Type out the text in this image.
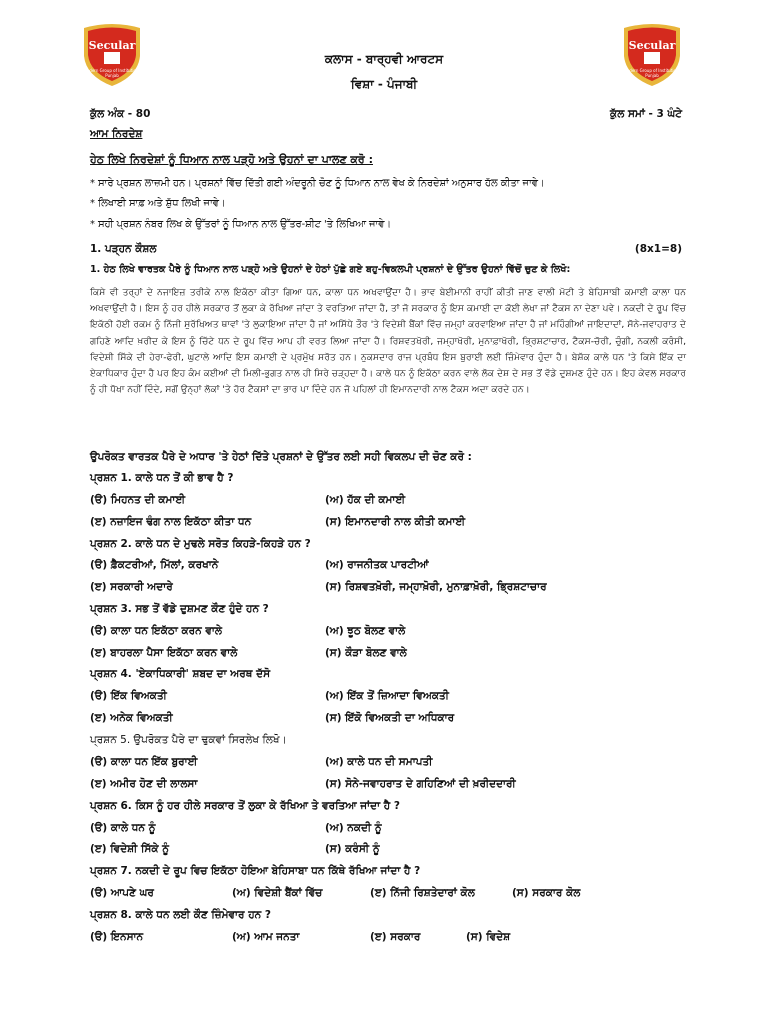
Secular
Modern Group of Institutions Punjab
Secular
Modern Group of Institutions Punjab
ਕਲਾਸ - ਬਾਰ੍ਹਵੀ ਆਰਟਸ
ਵਿਸ਼ਾ - ਪੰਜਾਬੀ
ਕੁੱਲ ਅੰਕ - 80	ਕੁੱਲ ਸਮਾਂ - 3 ਘੰਟੇ
ਆਮ ਨਿਰਦੇਸ਼
ਹੇਠ ਲਿਖੇ ਨਿਰਦੇਸ਼ਾਂ ਨੂੰ ਧਿਆਨ ਨਾਲ ਪੜ੍ਹੋ ਅਤੇ ਉਹਨਾਂ ਦਾ ਪਾਲਣ ਕਰੋ :
* ਸਾਰੇ ਪ੍ਰਸ਼ਨ ਲਾਜ਼ਮੀ ਹਨ। ਪ੍ਰਸ਼ਨਾਂ ਵਿੱਚ ਦਿੱਤੀ ਗਈ ਅੰਦਰੂਨੀ ਚੋਣ ਨੂੰ ਧਿਆਨ ਨਾਲ ਵੇਖ ਕੇ ਨਿਰਦੇਸ਼ਾਂ ਅਨੁਸਾਰ ਹੱਲ ਕੀਤਾ ਜਾਵੇ।
* ਲਿਖਾਈ ਸਾਫ਼ ਅਤੇ ਸ਼ੁੱਧ ਲਿਖੀ ਜਾਵੇ।
* ਸਹੀ ਪ੍ਰਸ਼ਨ ਨੰਬਰ ਲਿਖ ਕੇ ਉੱਤਰਾਂ ਨੂੰ ਧਿਆਨ ਨਾਲ ਉੱਤਰ-ਸ਼ੀਟ 'ਤੇ ਲਿਖਿਆ ਜਾਵੇ।
1. ਪੜ੍ਹਨ ਕੌਸ਼ਲ	(8x1=8)
1. ਹੇਠ ਲਿਖੇ ਵਾਰਤਕ ਪੈਰੇ ਨੂੰ ਧਿਆਨ ਨਾਲ ਪੜ੍ਹੋ ਅਤੇ ਉਹਨਾਂ ਦੇ ਹੇਠਾਂ ਪੁੱਛੇ ਗਏ ਬਹੁ-ਵਿਕਲਪੀ ਪ੍ਰਸ਼ਨਾਂ ਦੇ ਉੱਤਰ ਉਹਨਾਂ ਵਿੱਚੋਂ ਚੁਣ ਕੇ ਲਿਖੋ:
ਕਿਸੇ ਵੀ ਤਰ੍ਹਾਂ ਦੇ ਨਜਾਇਜ਼ ਤਰੀਕੇ ਨਾਲ ਇਕੱਠਾ ਕੀਤਾ ਗਿਆ ਧਨ, ਕਾਲਾ ਧਨ ਅਖਵਾਉਂਦਾ ਹੈ। ਭਾਵ ਬੇਈਮਾਨੀ ਰਾਹੀਂ ਕੀਤੀ ਜਾਣ ਵਾਲੀ ਮੋਟੀ ਤੇ ਬੇਹਿਸਾਬੀ ਕਮਾਈ ਕਾਲਾ ਧਨ ਅਖਵਾਉਂਦੀ ਹੈ। ਇਸ ਨੂੰ ਹਰ ਹੀਲੇ ਸਰਕਾਰ ਤੋਂ ਲੁਕਾ ਕੇ ਰੱਖਿਆ ਜਾਂਦਾ ਤੇ ਵਰਤਿਆ ਜਾਂਦਾ ਹੈ, ਤਾਂ ਜੋ ਸਰਕਾਰ ਨੂੰ ਇਸ ਕਮਾਈ ਦਾ ਕੋਈ ਲੇਖਾ ਜਾਂ ਟੈਕਸ ਨਾ ਦੇਣਾ ਪਵੇ। ਨਕਦੀ ਦੇ ਰੂਪ ਵਿੱਚ ਇਕੱਠੀ ਹੋਈ ਰਕਮ ਨੂੰ ਨਿੱਜੀ ਸੁਰੱਖਿਅਤ ਥਾਵਾਂ 'ਤੇ ਲੁਕਾਇਆ ਜਾਂਦਾ ਹੈ ਜਾਂ ਅਸਿੱਧੇ ਤੌਰ 'ਤੇ ਵਿਦੇਸ਼ੀ ਬੈਂਕਾਂ ਵਿੱਚ ਜਮ੍ਹਾਂ ਕਰਵਾਇਆ ਜਾਂਦਾ ਹੈ ਜਾਂ ਮਹਿੰਗੀਆਂ ਜਾਇਦਾਦਾਂ, ਸੋਨੇ-ਜਵਾਹਰਾਤ ਦੇ ਗਹਿਣੇ ਆਦਿ ਖ਼ਰੀਦ ਕੇ ਇਸ ਨੂੰ ਚਿੱਟੇ ਧਨ ਦੇ ਰੂਪ ਵਿੱਚ ਆਪ ਹੀ ਵਰਤ ਲਿਆ ਜਾਂਦਾ ਹੈ। ਰਿਸ਼ਵਤਖੋਰੀ, ਜਮ੍ਹਾਖੋਰੀ, ਮੁਨਾਫ਼ਾਖੋਰੀ, ਭ੍ਰਿਸ਼ਟਾਚਾਰ, ਟੈਕਸ-ਚੋਰੀ, ਚੁੰਗੀ, ਨਕਲੀ ਕਰੰਸੀ, ਵਿਦੇਸ਼ੀ ਸਿੱਕੇ ਦੀ ਹੇਰਾ-ਫੇਰੀ, ਘੁਟਾਲੇ ਆਦਿ ਇਸ ਕਮਾਈ ਦੇ ਪ੍ਰਮੁੱਖ ਸਰੋਤ ਹਨ। ਨੁਕਸਦਾਰ ਰਾਜ ਪ੍ਰਬੰਧ ਇਸ ਬੁਰਾਈ ਲਈ ਜ਼ਿੰਮੇਵਾਰ ਹੁੰਦਾ ਹੈ। ਬੇਸ਼ੱਕ ਕਾਲੇ ਧਨ 'ਤੇ ਕਿਸੇ ਇੱਕ ਦਾ ਏਕਾਧਿਕਾਰ ਹੁੰਦਾ ਹੈ ਪਰ ਇਹ ਕੰਮ ਕਈਆਂ ਦੀ ਮਿਲੀ-ਭੁਗਤ ਨਾਲ ਹੀ ਸਿਰੇ ਚੜ੍ਹਦਾ ਹੈ। ਕਾਲੇ ਧਨ ਨੂੰ ਇਕੱਠਾ ਕਰਨ ਵਾਲੇ ਲੋਕ ਦੇਸ਼ ਦੇ ਸਭ ਤੋਂ ਵੱਡੇ ਦੁਸ਼ਮਣ ਹੁੰਦੇ ਹਨ। ਇਹ ਕੇਵਲ ਸਰਕਾਰ ਨੂੰ ਹੀ ਧੋਖਾ ਨਹੀਂ ਦਿੰਦੇ, ਸਗੋਂ ਉਨ੍ਹਾਂ ਲੋਕਾਂ 'ਤੇ ਹੋਰ ਟੈਕਸਾਂ ਦਾ ਭਾਰ ਪਾ ਦਿੰਦੇ ਹਨ ਜੋ ਪਹਿਲਾਂ ਹੀ ਇਮਾਨਦਾਰੀ ਨਾਲ ਟੈਕਸ ਅਦਾ ਕਰਦੇ ਹਨ।
ਉਪਰੋਕਤ ਵਾਰਤਕ ਪੈਰੇ ਦੇ ਅਧਾਰ 'ਤੇ ਹੇਠਾਂ ਦਿੱਤੇ ਪ੍ਰਸ਼ਨਾਂ ਦੇ ਉੱਤਰ ਲਈ ਸਹੀ ਵਿਕਲਪ ਦੀ ਚੋਣ ਕਰੋ :
ਪ੍ਰਸ਼ਨ 1. ਕਾਲੇ ਧਨ ਤੋਂ ਕੀ ਭਾਵ ਹੈ ?
(ੳ) ਮਿਹਨਤ ਦੀ ਕਮਾਈ	(ਅ) ਹੱਕ ਦੀ ਕਮਾਈ
(ੲ) ਨਜ਼ਾਇਜ ਢੰਗ ਨਾਲ ਇਕੱਠਾ ਕੀਤਾ ਧਨ	(ਸ) ਇਮਾਨਦਾਰੀ ਨਾਲ ਕੀਤੀ ਕਮਾਈ
ਪ੍ਰਸ਼ਨ 2. ਕਾਲੇ ਧਨ ਦੇ ਮੁਢਲੇ ਸਰੋਤ ਕਿਹੜੇ-ਕਿਹੜੇ ਹਨ ?
(ੳ) ਫ਼ੈਕਟਰੀਆਂ, ਮਿੱਲਾਂ, ਕਰਖਾਨੇ	(ਅ) ਰਾਜਨੀਤਕ ਪਾਰਟੀਆਂ
(ੲ) ਸਰਕਾਰੀ ਅਦਾਰੇ	(ਸ) ਰਿਸ਼ਵਤਖ਼ੋਰੀ, ਜਮ੍ਹਾਖ਼ੋਰੀ, ਮੁਨਾਫ਼ਾਖ਼ੋਰੀ, ਭ੍ਰਿਸ਼ਟਾਚਾਰ
ਪ੍ਰਸ਼ਨ 3. ਸਭ ਤੋਂ ਵੱਡੇ ਦੁਸ਼ਮਣ ਕੌਣ ਹੁੰਦੇ ਹਨ ?
(ੳ) ਕਾਲਾ ਧਨ ਇਕੱਠਾ ਕਰਨ ਵਾਲੇ	(ਅ) ਝੂਠ ਬੋਲਣ ਵਾਲੇ
(ੲ) ਬਾਹਰਲਾ ਪੈਸਾ ਇਕੱਠਾ ਕਰਨ ਵਾਲੇ	(ਸ) ਕੌੜਾ ਬੋਲਣ ਵਾਲੇ
ਪ੍ਰਸ਼ਨ 4. 'ਏਕਾਧਿਕਾਰੀ' ਸ਼ਬਦ ਦਾ ਅਰਥ ਦੱਸੋ
(ੳ) ਇੱਕ ਵਿਅਕਤੀ	(ਅ) ਇੱਕ ਤੋਂ ਜ਼ਿਆਦਾ ਵਿਅਕਤੀ
(ੲ) ਅਨੇਕ ਵਿਅਕਤੀ	(ਸ) ਇੱਕੋ ਵਿਅਕਤੀ ਦਾ ਅਧਿਕਾਰ
ਪ੍ਰਸ਼ਨ 5. ਉਪਰੋਕਤ ਪੈਰੇ ਦਾ ਢੁਕਵਾਂ ਸਿਰਲੇਖ ਲਿਖੋ।
(ੳ) ਕਾਲਾ ਧਨ ਇੱਕ ਬੁਰਾਈ	(ਅ) ਕਾਲੇ ਧਨ ਦੀ ਸਮਾਪਤੀ
(ੲ) ਅਮੀਰ ਹੋਣ ਦੀ ਲਾਲਸਾ	(ਸ) ਸੋਨੇ-ਜਵਾਹਰਾਤ ਦੇ ਗਹਿਣਿਆਂ ਦੀ ਖ਼ਰੀਦਦਾਰੀ
ਪ੍ਰਸ਼ਨ 6. ਕਿਸ ਨੂੰ ਹਰ ਹੀਲੇ ਸਰਕਾਰ ਤੋਂ ਲੁਕਾ ਕੇ ਰੱਖਿਆ ਤੇ ਵਰਤਿਆ ਜਾਂਦਾ ਹੈ ?
(ੳ) ਕਾਲੇ ਧਨ ਨੂੰ	(ਅ) ਨਕਦੀ ਨੂੰ
(ੲ) ਵਿਦੇਸ਼ੀ ਸਿੱਕੇ ਨੂੰ	(ਸ) ਕਰੰਸੀ ਨੂੰ
ਪ੍ਰਸ਼ਨ 7. ਨਕਦੀ ਦੇ ਰੂਪ ਵਿਚ ਇਕੱਠਾ ਹੋਇਆ ਬੇਹਿਸਾਬਾ ਧਨ ਕਿੱਥੇ ਰੱਖਿਆ ਜਾਂਦਾ ਹੈ ?
(ੳ) ਆਪਣੇ ਘਰ	(ਅ) ਵਿਦੇਸ਼ੀ ਬੈਂਕਾਂ ਵਿੱਚ	(ੲ) ਨਿੱਜੀ ਰਿਸ਼ਤੇਦਾਰਾਂ ਕੋਲ	(ਸ) ਸਰਕਾਰ ਕੋਲ
ਪ੍ਰਸ਼ਨ 8. ਕਾਲੇ ਧਨ ਲਈ ਕੌਣ ਜ਼ਿੰਮੇਵਾਰ ਹਨ ?
(ੳ) ਇਨਸਾਨ	(ਅ) ਆਮ ਜਨਤਾ	(ੲ) ਸਰਕਾਰ	(ਸ) ਵਿਦੇਸ਼
